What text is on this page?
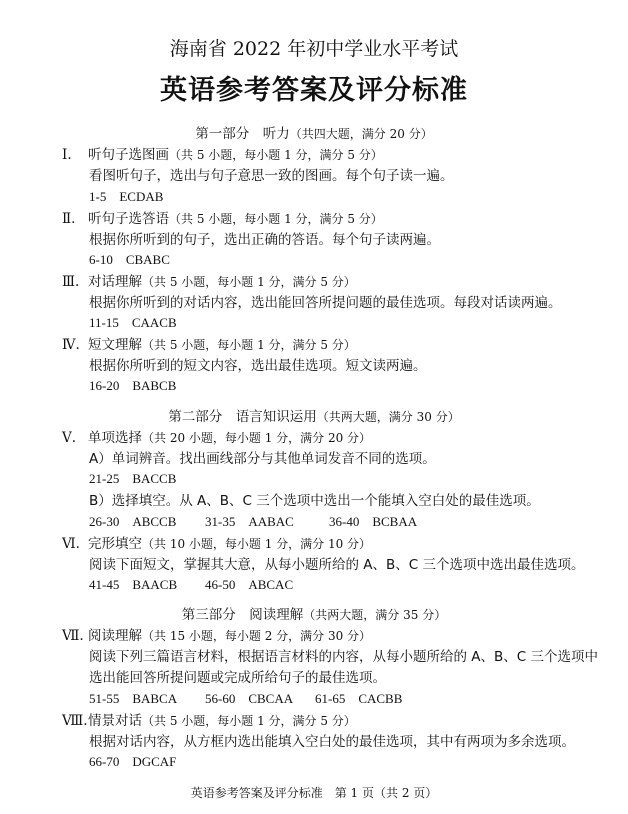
海南省 2022 年初中学业水平考试
英语参考答案及评分标准
第一部分　听力（共四大题，满分 20 分）
Ⅰ. 听句子选图画（共 5 小题，每小题 1 分，满分 5 分）
看图听句子，选出与句子意思一致的图画。每个句子读一遍。
1-5　ECDAB
Ⅱ. 听句子选答语（共 5 小题，每小题 1 分，满分 5 分）
根据你所听到的句子，选出正确的答语。每个句子读两遍。
6-10　CBABC
Ⅲ. 对话理解（共 5 小题，每小题 1 分，满分 5 分）
根据你所听到的对话内容，选出能回答所提问题的最佳选项。每段对话读两遍。
11-15　CAACB
Ⅳ. 短文理解（共 5 小题，每小题 1 分，满分 5 分）
根据你所听到的短文内容，选出最佳选项。短文读两遍。
16-20　BABCB
第二部分　语言知识运用（共两大题，满分 30 分）
Ⅴ. 单项选择（共 20 小题，每小题 1 分，满分 20 分）
A）单词辨音。找出画线部分与其他单词发音不同的选项。
21-25　BACCB
B）选择填空。从 A、B、C 三个选项中选出一个能填入空白处的最佳选项。
26-30　ABCCB 31-35　AABAC	36-40　BCBAA
Ⅵ. 完形填空（共 10 小题，每小题 1 分，满分 10 分）
阅读下面短文，掌握其大意，从每小题所给的 A、B、C 三个选项中选出最佳选项。
41-45　BAACB 46-50　ABCAC
第三部分　阅读理解（共两大题，满分 35 分）
Ⅶ. 阅读理解（共 15 小题，每小题 2 分，满分 30 分）
阅读下列三篇语言材料，根据语言材料的内容，从每小题所给的 A、B、C 三个选项中
选出能回答所提问题或完成所给句子的最佳选项。
51-55　BABCA 56-60　CBCAA 61-65　CACBB
Ⅷ.情景对话（共 5 小题，每小题 1 分，满分 5 分）
根据对话内容，从方框内选出能填入空白处的最佳选项，其中有两项为多余选项。
66-70　DGCAF
英语参考答案及评分标准　第 1 页（共 2 页）
